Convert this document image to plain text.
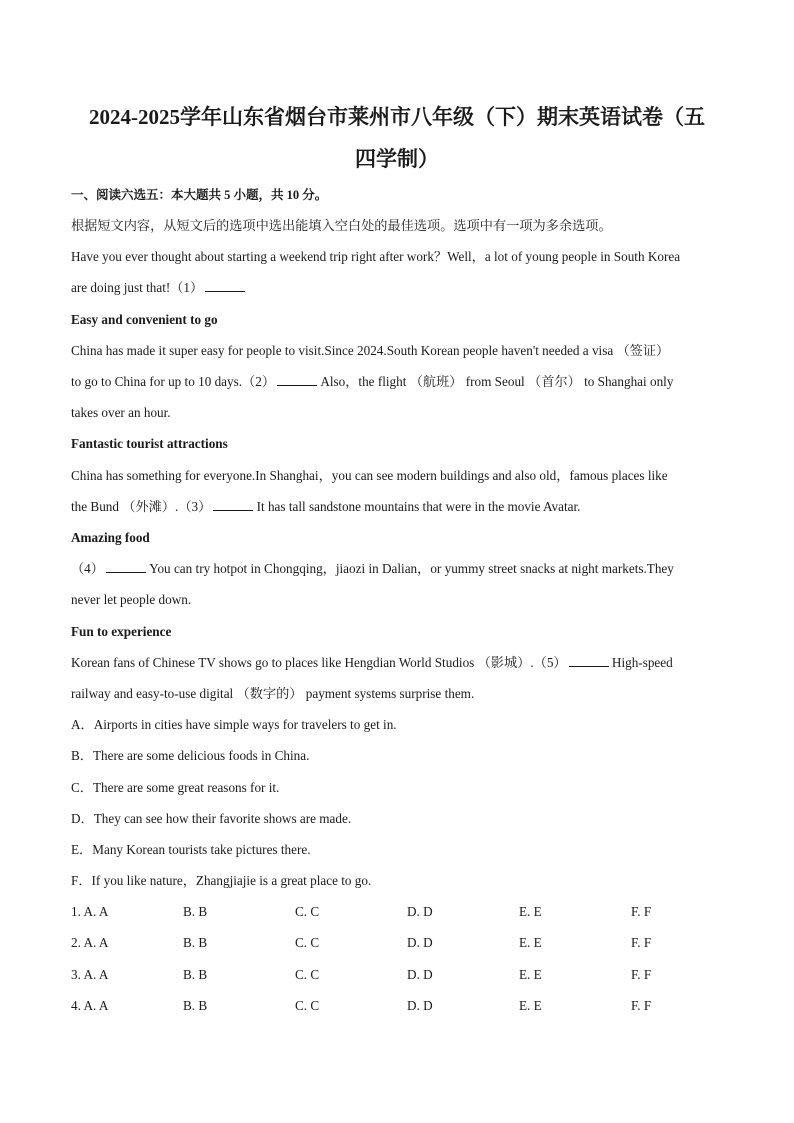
2024-2025学年山东省烟台市莱州市八年级（下）期末英语试卷（五
四学制）
一、阅读六选五：本大题共 5 小题，共 10 分。
根据短文内容，从短文后的选项中选出能填入空白处的最佳选项。选项中有一项为多余选项。
Have you ever thought about starting a weekend trip right after work？Well，a lot of young people in South Korea
are doing just that!（1）
Easy and convenient to go
China has made it super easy for people to visit.Since 2024.South Korean people haven't needed a visa （签证）
to go to China for up to 10 days.（2）	Also，the flight （航班） from Seoul （首尔） to Shanghai only
takes over an hour.
Fantastic tourist attractions
China has something for everyone.In Shanghai，you can see modern buildings and also old，famous places like
the Bund （外滩）.（3）	It has tall sandstone mountains that were in the movie Avatar.
Amazing food
（4）	You can try hotpot in Chongqing，jiaozi in Dalian，or yummy street snacks at night markets.They
never let people down.
Fun to experience
Korean fans of Chinese TV shows go to places like Hengdian World Studios （影城）.（5）	High-speed
railway and easy-to-use digital （数字的） payment systems surprise them.
A．Airports in cities have simple ways for travelers to get in.
B．There are some delicious foods in China.
C．There are some great reasons for it.
D．They can see how their favorite shows are made.
E．Many Korean tourists take pictures there.
F．If you like nature，Zhangjiajie is a great place to go.
1. A. A	B. B	C. C	D. D	E. E	F. F
2. A. A	B. B	C. C	D. D	E. E	F. F
3. A. A	B. B	C. C	D. D	E. E	F. F
4. A. A	B. B	C. C	D. D	E. E	F. F
